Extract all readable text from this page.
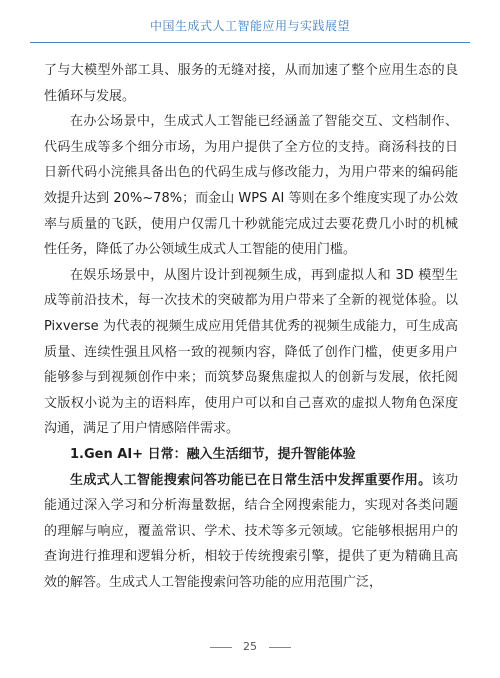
中国生成式人工智能应用与实践展望

了与大模型外部工具、服务的无缝对接，从而加速了整个应用生态的良性循环与发展。

在办公场景中，生成式人工智能已经涵盖了智能交互、文档制作、代码生成等多个细分市场，为用户提供了全方位的支持。商汤科技的日日新代码小浣熊具备出色的代码生成与修改能力，为用户带来的编码能效提升达到 20%~78%；而金山 WPS AI 等则在多个维度实现了办公效率与质量的飞跃，使用户仅需几十秒就能完成过去要花费几小时的机械性任务，降低了办公领域生成式人工智能的使用门槛。

在娱乐场景中，从图片设计到视频生成，再到虚拟人和 3D 模型生成等前沿技术，每一次技术的突破都为用户带来了全新的视觉体验。以 Pixverse 为代表的视频生成应用凭借其优秀的视频生成能力，可生成高质量、连续性强且风格一致的视频内容，降低了创作门槛，使更多用户能够参与到视频创作中来；而筑梦岛聚焦虚拟人的创新与发展，依托阅文版权小说为主的语料库，使用户可以和自己喜欢的虚拟人物角色深度沟通，满足了用户情感陪伴需求。

1.Gen AI+ 日常：融入生活细节，提升智能体验

生成式人工智能搜索问答功能已在日常生活中发挥重要作用。该功能通过深入学习和分析海量数据，结合全网搜索能力，实现对各类问题的理解与响应，覆盖常识、学术、技术等多元领域。它能够根据用户的查询进行推理和逻辑分析，相较于传统搜索引擎，提供了更为精确且高效的解答。生成式人工智能搜索问答功能的应用范围广泛，

25
